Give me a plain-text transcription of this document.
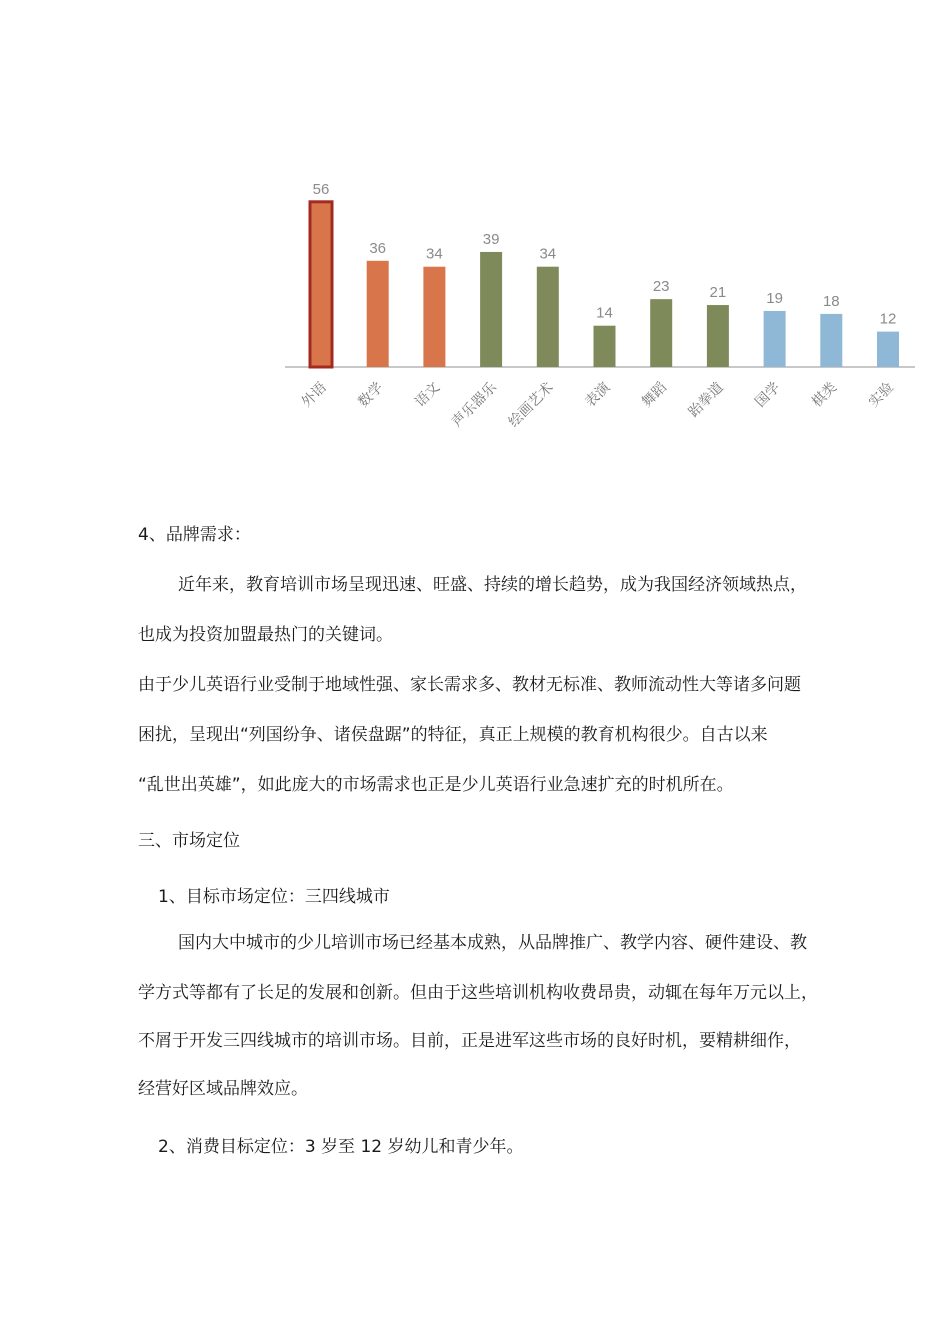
56
外语
36
数学
34
语文
39
声乐器乐
34
绘画艺术
14
表演
23
舞蹈
21
跆拳道
19
国学
18
棋类
12
实验
4、品牌需求：
近年来，教育培训市场呈现迅速、旺盛、持续的增长趋势，成为我国经济领域热点，
也成为投资加盟最热门的关键词。
由于少儿英语行业受制于地域性强、家长需求多、教材无标准、教师流动性大等诸多问题
困扰，呈现出“列国纷争、诸侯盘踞”的特征，真正上规模的教育机构很少。自古以来
“乱世出英雄”，如此庞大的市场需求也正是少儿英语行业急速扩充的时机所在。
三、市场定位
1、目标市场定位：三四线城市
国内大中城市的少儿培训市场已经基本成熟，从品牌推广、教学内容、硬件建设、教
学方式等都有了长足的发展和创新。但由于这些培训机构收费昂贵，动辄在每年万元以上，
不屑于开发三四线城市的培训市场。目前，正是进军这些市场的良好时机，要精耕细作，
经营好区域品牌效应。
2、消费目标定位：3 岁至 12 岁幼儿和青少年。
